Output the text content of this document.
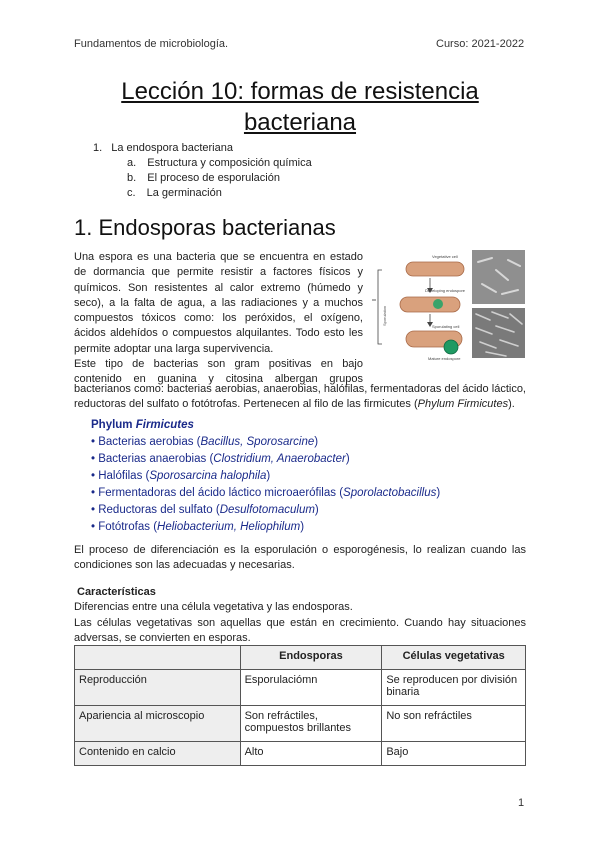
Fundamentos de microbiología.	Curso: 2021-2022
Lección 10: formas de resistencia
bacteriana
1. La endospora bacteriana
a. Estructura y composición química
b. El proceso de esporulación
c. La germinación
1. Endosporas bacterianas
Una espora es una bacteria que se encuentra en estado
de dormancia que permite resistir a factores físicos y
químicos. Son resistentes al calor extremo (húmedo y
seco), a la falta de agua, a las radiaciones y a muchos
compuestos tóxicos como: los peróxidos, el oxígeno,
ácidos aldehídos o compuestos alquilantes. Todo esto les
permite adoptar una larga supervivencia.
Este tipo de bacterias son gram positivas en bajo
contenido en guanina y citosina albergan grupos
bacterianos como: bacterias aerobias, anaerobias, halófilas, fermentadoras del ácido láctico,
reductoras del sulfato o fotótrofas. Pertenecen al filo de las firmicutes (Phylum Firmicutes).
Sporulation
Vegetative cell
Developing endospore
Sporulating cell
Mature endospore
Phylum Firmicutes
• Bacterias aerobias (Bacillus, Sporosarcine)
• Bacterias anaerobias (Clostridium, Anaerobacter)
• Halófilas (Sporosarcina halophila)
• Fermentadoras del ácido láctico microaerófilas (Sporolactobacillus)
• Reductoras del sulfato (Desulfotomaculum)
• Fotótrofas (Heliobacterium, Heliophilum)
El proceso de diferenciación es la esporulación o esporogénesis, lo realizan cuando las
condiciones son las adecuadas y necesarias.
Características
Diferencias entre una célula vegetativa y las endosporas.
Las células vegetativas son aquellas que están en crecimiento. Cuando hay situaciones
adversas, se convierten en esporas.
	Endosporas	Células vegetativas
Reproducción	Esporulaciómn	Se reproducen por división binaria
Apariencia al microscopio	Son refráctiles, compuestos brillantes	No son refráctiles
Contenido en calcio	Alto	Bajo
1
